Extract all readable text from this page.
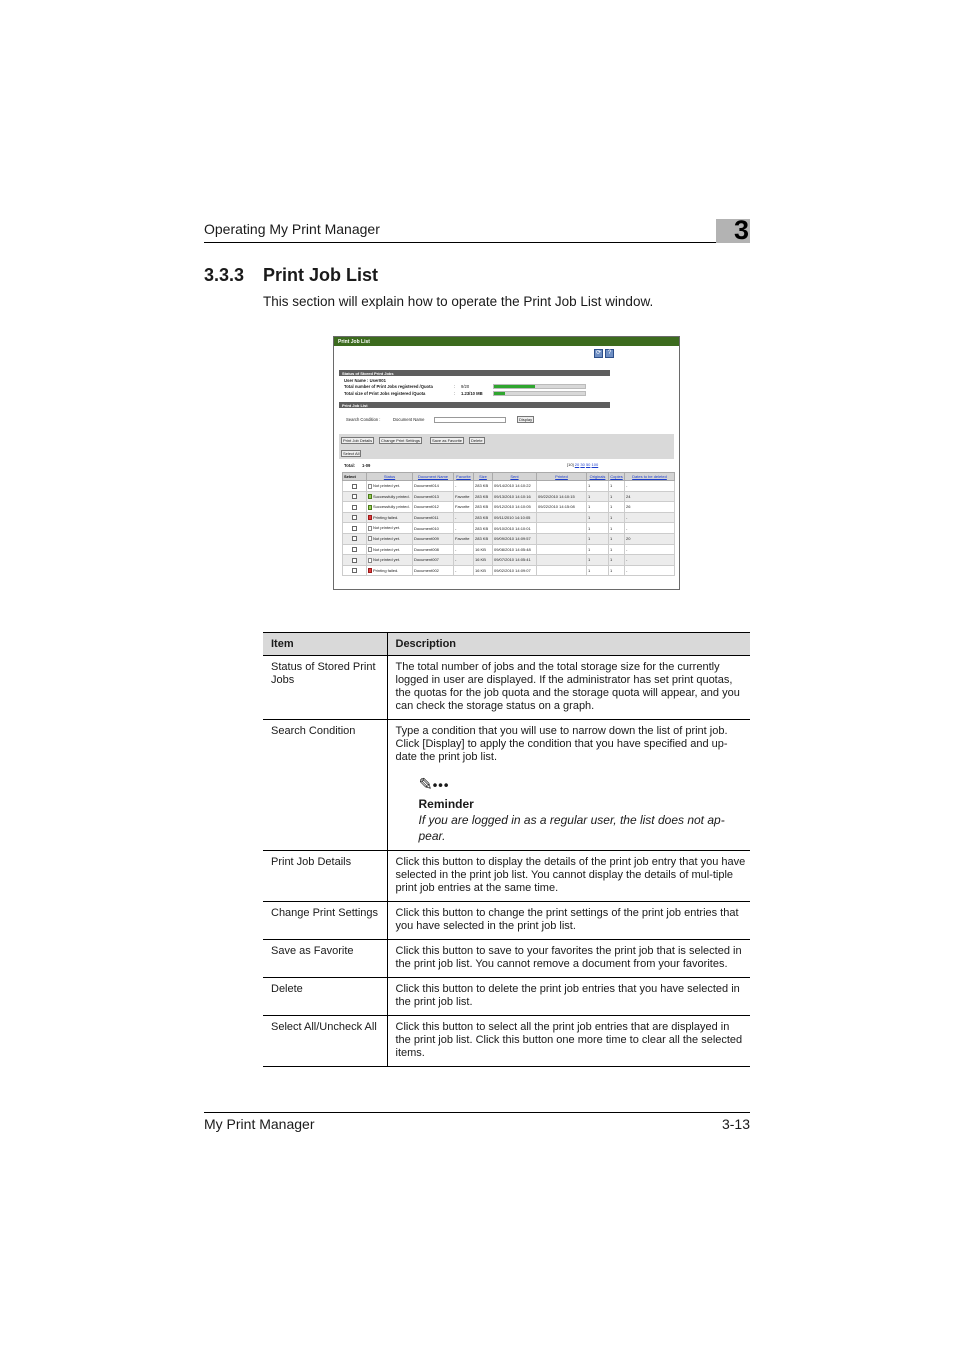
Operating My Print Manager	3
3.3.3 Print Job List
This section will explain how to operate the Print Job List window.
Print Job List
⟳	?
Status of Stored Print Jobs
User Name : User001
Total number of Print Jobs registered /Quota	: 9/20
Total size of Print Jobs registered /Quota	: 1.23/10 MB
Print Job List
Search Condition :	Document Name	Display
Print Job Details	Change Print Settings	Save as Favorite	Delete
Select All
Total: 1-09	[10] 20 30 50 100
Select	Status	Document Name	Favorite	Size	Sent	Printed	Originals	Copies	Dates to be deleted
	Not printed yet.	Document014	-	283 KB	09/14/2010 14:10:22		1	1	-
	Successfully printed.	Document013	Favorite	283 KB	09/13/2010 14:10:16	09/22/2010 14:10:15	1	1	24
	Successfully printed.	Document012	Favorite	283 KB	09/12/2010 14:10:05	09/22/2010 14:15:08	1	1	26
	Printing failed.	Document011	-	283 KB	09/11/2010 14:10:05		1	1	-
	Not printed yet.	Document010	-	283 KB	09/10/2010 14:10:01		1	1	-
	Not printed yet.	Document009	Favorite	283 KB	09/09/2010 14:09:57		1	1	20
	Not printed yet.	Document008	-	16 KB	09/08/2010 14:05:48		1	1	-
	Not printed yet.	Document007	-	16 KB	09/07/2010 14:05:41		1	1	-
	Printing failed.	Document002	-	16 KB	09/02/2010 14:09:07		1	1	-
Item	Description
Status of Stored Print Jobs	The total number of jobs and the total storage size for the currently logged in user are displayed. If the administrator has set print quotas, the quotas for the job quota and the storage quota will appear, and you can check the storage status on a graph.
Search Condition	Type a condition that you will use to narrow down the list of print job. Click [Display] to apply the condition that you have specified and up-date the print job list.
✎•••
Reminder
If you are logged in as a regular user, the list does not ap-pear.

Print Job Details	Click this button to display the details of the print job entry that you have selected in the print job list. You cannot display the details of mul-tiple print job entries at the same time.
Change Print Settings	Click this button to change the print settings of the print job entries that you have selected in the print job list.
Save as Favorite	Click this button to save to your favorites the print job that is selected in the print job list. You cannot remove a document from your favorites.
Delete	Click this button to delete the print job entries that you have selected in the print job list.
Select All/Uncheck All	Click this button to select all the print job entries that are displayed in the print job list. Click this button one more time to clear all the selected items.
My Print Manager	3-13
